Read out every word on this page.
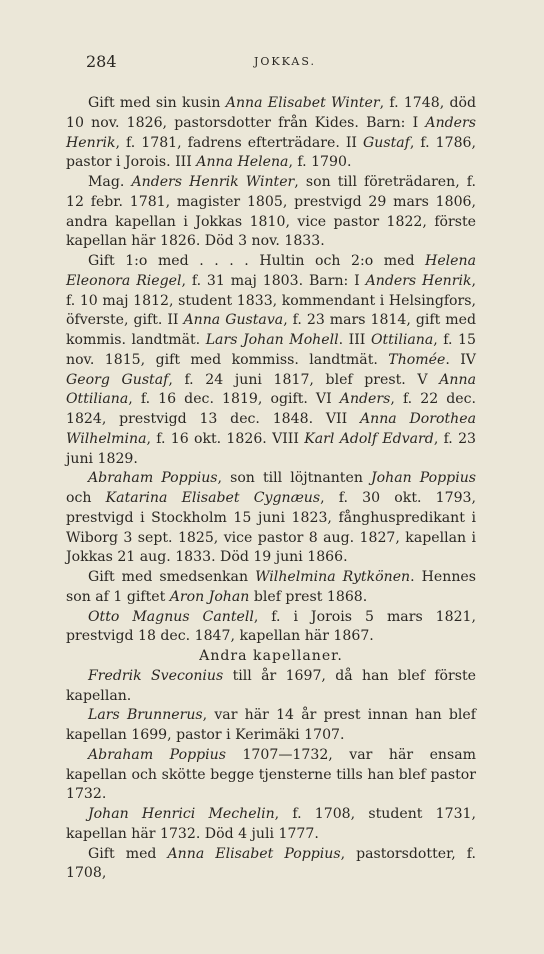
284	JOKKAS.

Gift med sin kusin Anna Elisabet Winter, f. 1748, död 10 nov. 1826, pastorsdotter från Kides. Barn: I Anders Henrik, f. 1781, fadrens efterträdare. II Gustaf, f. 1786, pastor i Jorois. III Anna Helena, f. 1790.

Mag. Anders Henrik Winter, son till företrädaren, f. 12 febr. 1781, magister 1805, prestvigd 29 mars 1806, andra kapellan i Jokkas 1810, vice pastor 1822, förste kapellan här 1826. Död 3 nov. 1833.

Gift 1:o med . . . . Hultin och 2:o med Helena Eleonora Riegel, f. 31 maj 1803. Barn: I Anders Henrik, f. 10 maj 1812, student 1833, kommendant i Helsingfors, öfverste, gift. II Anna Gustava, f. 23 mars 1814, gift med kommis. landtmät. Lars Johan Mohell. III Ottiliana, f. 15 nov. 1815, gift med kommiss. landtmät. Thomée. IV Georg Gustaf, f. 24 juni 1817, blef prest. V Anna Ottiliana, f. 16 dec. 1819, ogift. VI Anders, f. 22 dec. 1824, prestvigd 13 dec. 1848. VII Anna Dorothea Wilhelmina, f. 16 okt. 1826. VIII Karl Adolf Edvard, f. 23 juni 1829.

Abraham Poppius, son till löjtnanten Johan Poppius och Katarina Elisabet Cygnæus, f. 30 okt. 1793, prestvigd i Stockholm 15 juni 1823, fånghuspredikant i Wiborg 3 sept. 1825, vice pastor 8 aug. 1827, kapellan i Jokkas 21 aug. 1833. Död 19 juni 1866.

Gift med smedsenkan Wilhelmina Rytkönen. Hennes son af 1 giftet Aron Johan blef prest 1868.

Otto Magnus Cantell, f. i Jorois 5 mars 1821, prestvigd 18 dec. 1847, kapellan här 1867.

Andra kapellaner.

Fredrik Sveconius till år 1697, då han blef förste kapellan.

Lars Brunnerus, var här 14 år prest innan han blef kapellan 1699, pastor i Kerimäki 1707.

Abraham Poppius 1707—1732, var här ensam kapellan och skötte begge tjensterne tills han blef pastor 1732.

Johan Henrici Mechelin, f. 1708, student 1731, kapellan här 1732. Död 4 juli 1777.

Gift med Anna Elisabet Poppius, pastorsdotter, f. 1708,
